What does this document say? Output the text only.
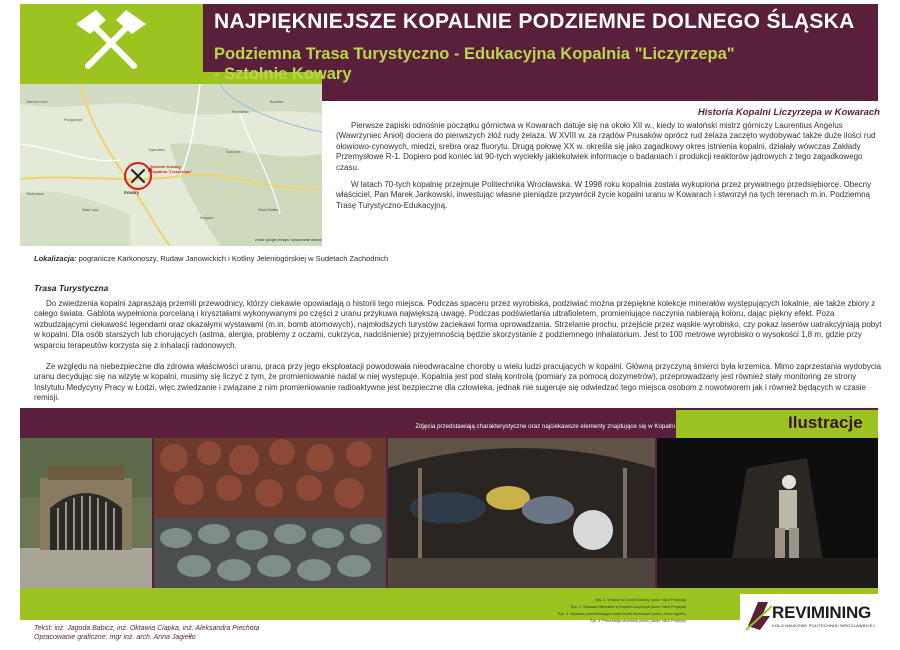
NAJPIĘKNIEJSZE KOPALNIE PODZIEMNE DOLNEGO ŚLĄSKA
Podziemna Trasa Turystyczno - Edukacyjna Kopalnia "Liczyrzepa"
- Sztolnie Kowary
Przesieka
Podgórzyn
Ogorzelec	Szarocin
Bobrów
Kowary
Stara Białka
Karpacz
Mała Upa
Pilchowice
Jelenia Góra
Sztolnie Kowary
Kopalnia "Liczyrzepa"
źródło: google.pl/maps; opracowanie własne
Historia Kopalni Liczyrzepa w Kowarach

Pierwsze zapiski odnośnie początku górnictwa w Kowarach datuje się na około XII w., kiedy to waloński mistrz górniczy Laurentius Angelus (Wawrzyniec Anioł) dociera do pierwszych złóż rudy żelaza. W XVIII w. za rządów Prusaków oprócz rud żelaza zaczęto wydobywać także duże ilości rud ołowiowo-cynowych, miedzi, srebra oraz fluorytu. Drugą połowę XX w. określa się jako zagadkowy okres istnienia kopalni, działały wówczas Zakłady Przemysłowe R-1. Dopiero pod koniec lat 90-tych wyciekły jakiekolwiek informacje o badaniach i produkcji reaktorów jądrowych z tego zagadkowego czasu.

W latach 70-tych kopalnię przejmuje Politechnika Wrocławska. W 1998 roku kopalnia została wykupiona przez prywatnego przedsiębiorcę. Obecny właściciel, Pan Marek Jankowski, inwestując własne pieniądze przywrócił życie kopalni uranu w Kowarach i stworzył na tych terenach m.in. Podziemną Trasę Turystyczno-Edukacyjną.

Lokalizacja: pogranicze Karkonoszy, Rudaw Janowickich i Kotliny Jeleniogórskiej w Sudetach Zachodnich
Trasa Turystyczna

Do zwiedzenia kopalni zapraszają przemili przewodnicy, którzy ciekawie opowiadają o historii tego miejsca. Podczas spaceru przez wyrobiska, podziwiać można przepiękne kolekcje minerałów występujących lokalnie, ale także zbiory z całego świata. Gablota wypełniona porcelaną i kryształami wykonywanymi po części z uranu przykuwa największą uwagę. Podczas podświetlania ultrafioletem, promieniujące naczynia nabierają koloru, dając piękny efekt. Poza wzbudzającymi ciekawość legendami oraz okazałymi wystawami (m.in. bomb atomowych), najmłodszych turystów zaciekawi forma oprowadzania. Strzelanie prochu, przejście przez wąskie wyrobisko, czy pokaz laserów uatrakcyjniają pobyt w kopalni. Dla osób starszych lub chorujących (astma, alergia, problemy z oczami, cukrzyca, nadciśnienie) przyjemnością będzie skorzystanie z podziemnego inhalatorium. Jest to 100 metrowe wyrobisko o wysokości 1,8 m, gdzie przy wsparciu terapeutów korzysta się z inhalacji radonowych.

Ze względu na niebezpieczne dla zdrowia właściwości uranu, praca przy jego eksploatacji powodowała nieodwracalne choroby u wielu ludzi pracujących w kopalni. Główną przyczyną śmierci była krzemica. Mimo zaprzestania wydobycia uranu decydując się na wizytę w kopalni, musimy się liczyć z tym, że promieniowanie nadal w niej występuje. Kopalnia jest pod stałą kontrolą (pomiary za pomocą dozymetrów), przeprowadzany jest również stały monitoring ze strony Instytutu Medycyny Pracy w Łodzi, więc zwiedzanie i związane z nim promieniowanie radioaktywne jest bezpieczne dla człowieka, jednak nie sugeruje się odwiedzać tego miejsca osobom z nowotworem jak i również będących w czasie remisji.

Zdjęcia przedstawiają charakterystyczne oraz najciekawsze elementy znajdujące się w Kopalni	Ilustracje
Ryc. 1. Wejście do Sztolni Kowary (autor: Nicol Przybyła)
Ryc. 2. Wystawa minerałów w Kopalni Liczyrzepa (autor: Nicol Przybyła)
Ryc. 3. Wystawa przedstawiająca repliki bomb atomowych (autor: Anna Jagiełło)
Ryc. 4. Prezentacja strzelania prochu (autor: Nicol Przybyła)	REVIMINING
KOŁO NAUKOWE POLITECHNIKI WROCŁAWSKIEJ
Tekst: inż. Jagoda Babicz, inż. Oktawia Ciapka, inż. Aleksandra Piechota
Opracowanie graficzne: mgr inż. arch. Anna Jagiełło
